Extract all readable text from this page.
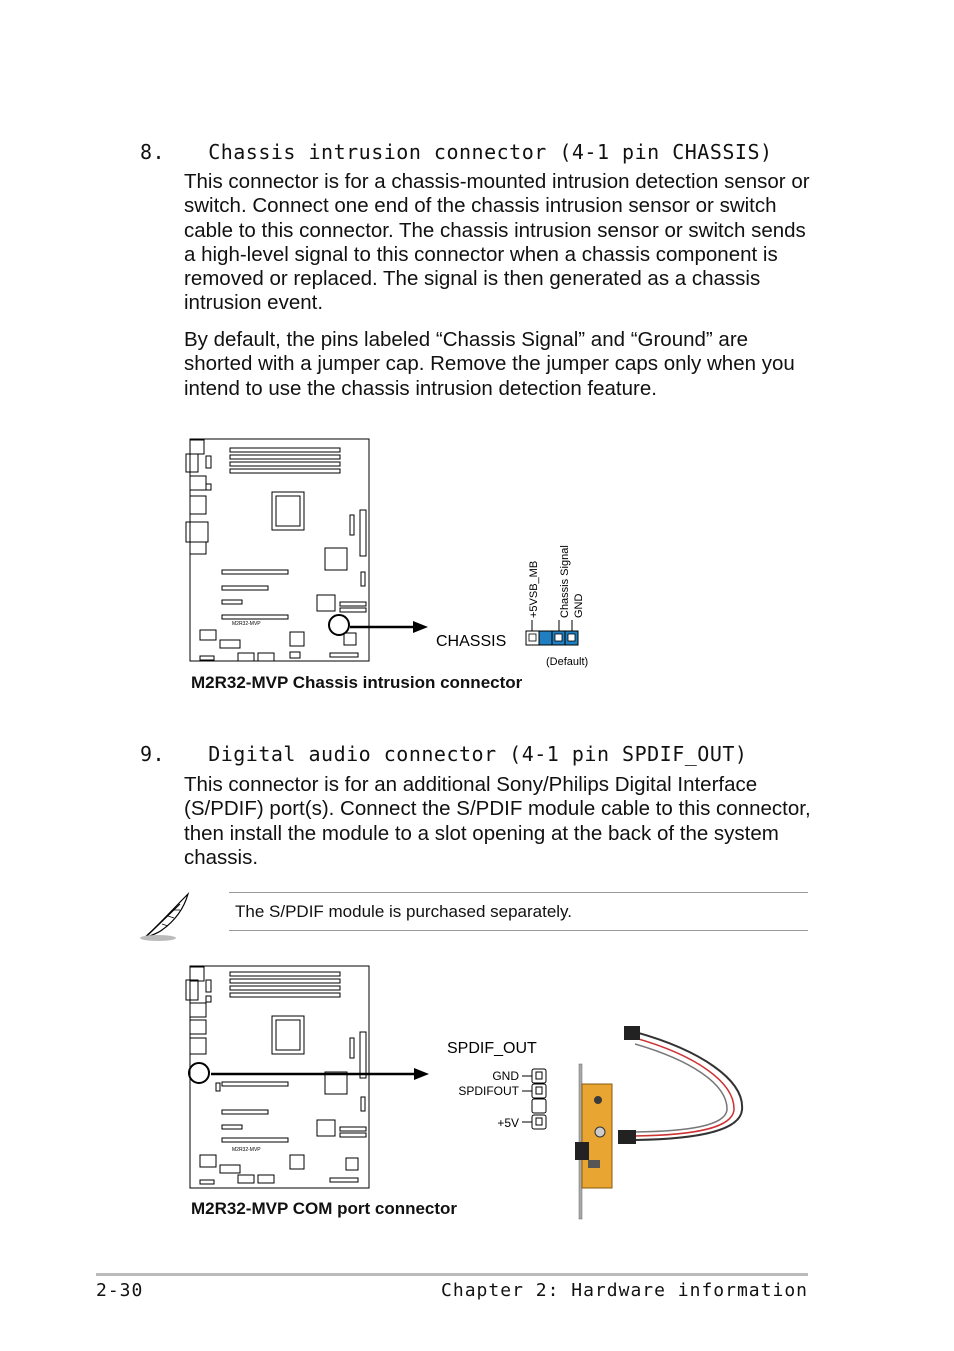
8. Chassis intrusion connector (4-1 pin CHASSIS)
This connector is for a chassis-mounted intrusion detection sensor or switch. Connect one end of the chassis intrusion sensor or switch cable to this connector. The chassis intrusion sensor or switch sends a high-level signal to this connector when a chassis component is removed or replaced. The signal is then generated as a chassis intrusion event.
By default, the pins labeled “Chassis Signal” and “Ground” are shorted with a jumper cap. Remove the jumper caps only when you intend to use the chassis intrusion detection feature.
M2R32-MVP
CHASSIS
+5VSB_MB Chassis Signal GND
(Default)
M2R32-MVP Chassis intrusion connector
9. Digital audio connector (4-1 pin SPDIF_OUT)
This connector is for an additional Sony/Philips Digital Interface (S/PDIF) port(s). Connect the S/PDIF module cable to this connector, then install the module to a slot opening at the back of the system chassis.
The S/PDIF module is purchased separately.
M2R32-MVP
SPDIF_OUT
GND
SPDIFOUT
+5V
M2R32-MVP COM port connector
2-30	Chapter 2: Hardware information
